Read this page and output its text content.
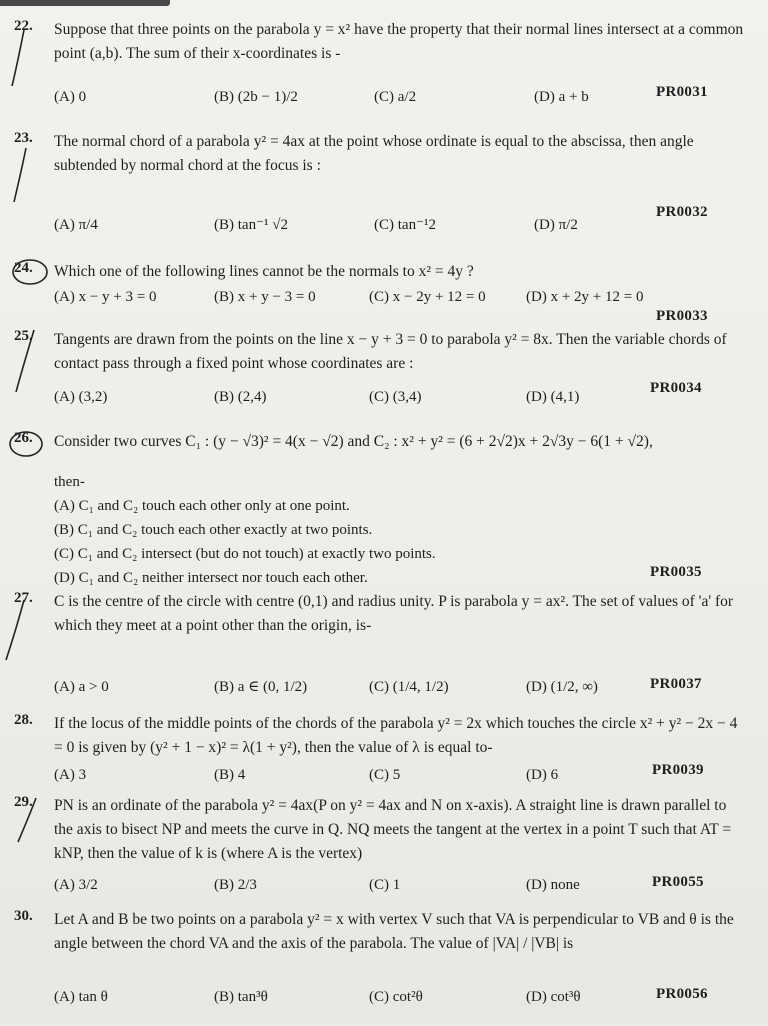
22.	Suppose that three points on the parabola y = x² have the property that their normal lines intersect at a common point (a,b). The sum of their x-coordinates is -
(A) 0	(B) (2b − 1)/2	(C) a/2	(D) a + b	PR0031
23.	The normal chord of a parabola y² = 4ax at the point whose ordinate is equal to the abscissa, then angle subtended by normal chord at the focus is :
(A) π/4	(B) tan⁻¹ √2	(C) tan⁻¹2	(D) π/2
PR0032
24.	Which one of the following lines cannot be the normals to x² = 4y ?
(A) x − y + 3 = 0	(B) x + y − 3 = 0	(C) x − 2y + 12 = 0	(D) x + 2y + 12 = 0
PR0033
25.	Tangents are drawn from the points on the line x − y + 3 = 0 to parabola y² = 8x. Then the variable chords of contact pass through a fixed point whose coordinates are :
(A) (3,2)	(B) (2,4)	(C) (3,4)	(D) (4,1)
PR0034
26.	Consider two curves C₁ : (y − √3)² = 4(x − √2) and C₂ : x² + y² = (6 + 2√2)x + 2√3y − 6(1 + √2),
then-
(A) C₁ and C₂ touch each other only at one point.
(B) C₁ and C₂ touch each other exactly at two points.
(C) C₁ and C₂ intersect (but do not touch) at exactly two points.
(D) C₁ and C₂ neither intersect nor touch each other.	PR0035
27.	C is the centre of the circle with centre (0,1) and radius unity. P is parabola y = ax². The set of values of 'a' for which they meet at a point other than the origin, is-
(A) a > 0	(B) a ∈ (0, 1/2)	(C) (1/4, 1/2)	(D) (1/2, ∞)	PR0037
28.	If the locus of the middle points of the chords of the parabola y² = 2x which touches the circle x² + y² − 2x − 4 = 0 is given by (y² + 1 − x)² = λ(1 + y²), then the value of λ is equal to-
(A) 3	(B) 4	(C) 5	(D) 6	PR0039
29.	PN is an ordinate of the parabola y² = 4ax(P on y² = 4ax and N on x-axis). A straight line is drawn parallel to the axis to bisect NP and meets the curve in Q. NQ meets the tangent at the vertex in a point T such that AT = kNP, then the value of k is (where A is the vertex)
(A) 3/2	(B) 2/3	(C) 1	(D) none	PR0055
30.	Let A and B be two points on a parabola y² = x with vertex V such that VA is perpendicular to VB and θ is the angle between the chord VA and the axis of the parabola. The value of |VA| / |VB| is
(A) tan θ	(B) tan³θ	(C) cot²θ	(D) cot³θ	PR0056
